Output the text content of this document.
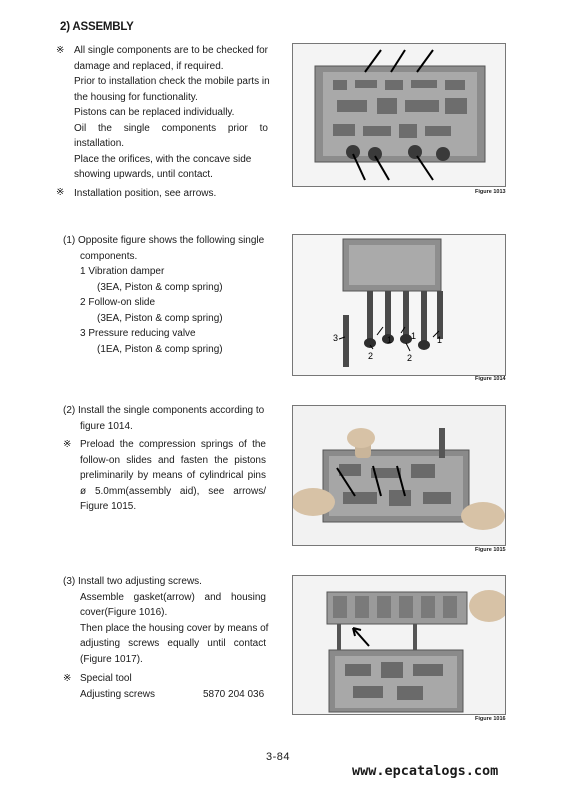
2) ASSEMBLY
※ All single components are to be checked for
damage and replaced, if required.
Prior to installation check the mobile parts in
the housing for functionality.
Pistons can be replaced individually.
Oil the single components prior to
installation.
Place the orifices, with the concave side
showing upwards, until contact.
Installation position, see arrows.
※	Figure 1013
(1) Opposite figure shows the following single
components.
1 Vibration damper
(3EA, Piston & comp spring)
2 Follow-on slide
(3EA, Piston & comp spring)
3 Pressure reducing valve
(1EA, Piston & comp spring)
3	1 1 1
2	2
Figure 1014
(2) Install the single components according to
figure 1014.
※ Preload the compression springs of the
follow-on slides and fasten the pistons
preliminarily by means of cylindrical pins
ø 5.0mm(assembly aid), see arrows/
Figure 1015.
Figure 1015
(3) Install two adjusting screws.
Assemble gasket(arrow) and housing
cover(Figure 1016).
Then place the housing cover by means of
adjusting screws equally until contact
(Figure 1017).
Special tool
Adjusting screws	5870 204 036
※
Figure 1016
3-84
www.epcatalogs.com
